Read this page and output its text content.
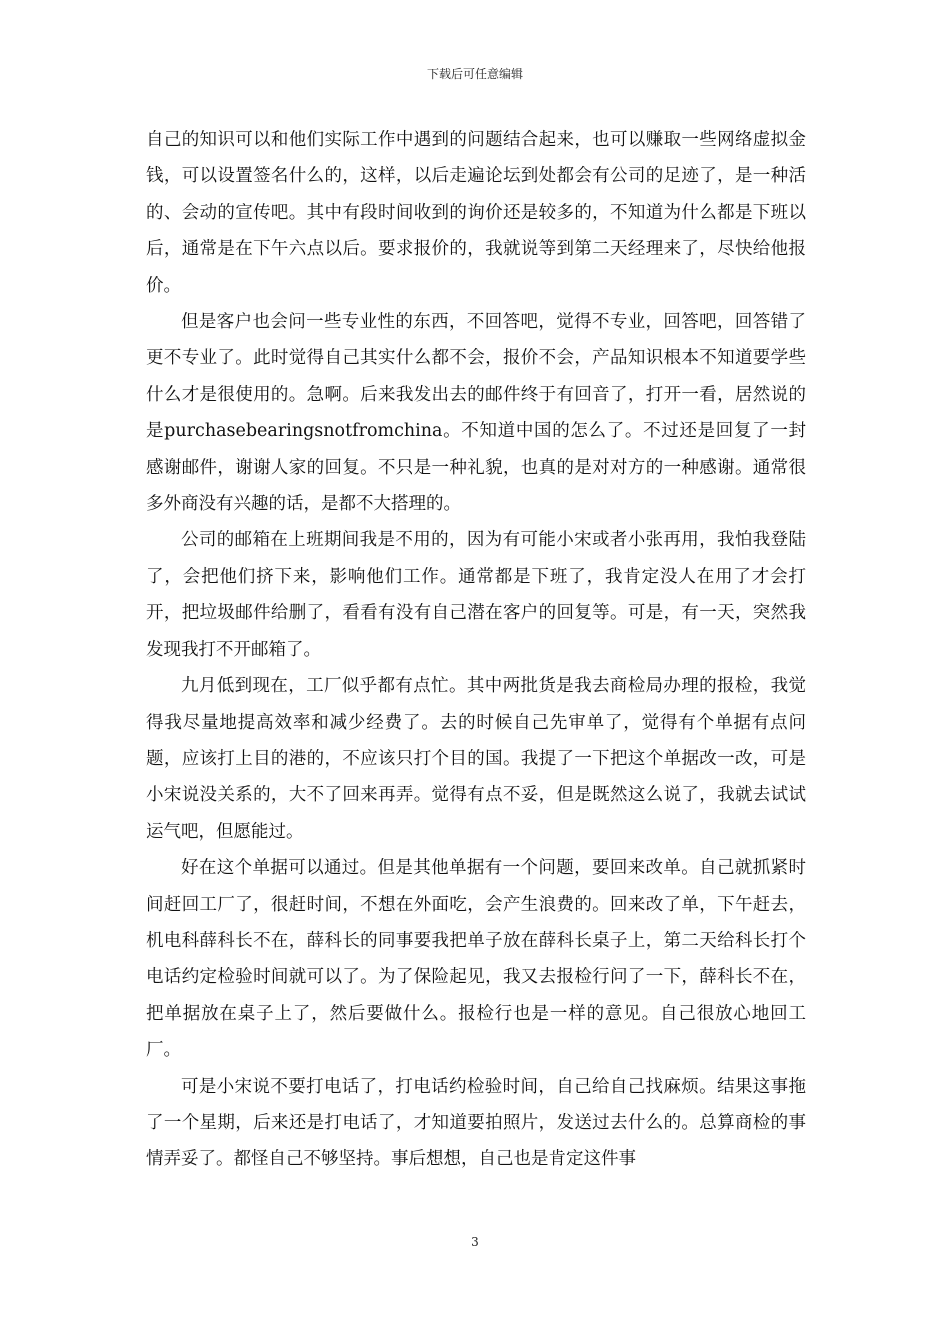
下载后可任意编辑

自己的知识可以和他们实际工作中遇到的问题结合起来，也可以赚取一些网络虚拟金钱，可以设置签名什么的，这样，以后走遍论坛到处都会有公司的足迹了，是一种活的、会动的宣传吧。其中有段时间收到的询价还是较多的，不知道为什么都是下班以后，通常是在下午六点以后。要求报价的，我就说等到第二天经理来了，尽快给他报价。

但是客户也会问一些专业性的东西，不回答吧，觉得不专业，回答吧，回答错了更不专业了。此时觉得自己其实什么都不会，报价不会，产品知识根本不知道要学些什么才是很使用的。急啊。后来我发出去的邮件终于有回音了，打开一看，居然说的是purchasebearingsnotfromchina。不知道中国的怎么了。不过还是回复了一封感谢邮件，谢谢人家的回复。不只是一种礼貌，也真的是对对方的一种感谢。通常很多外商没有兴趣的话，是都不大搭理的。

公司的邮箱在上班期间我是不用的，因为有可能小宋或者小张再用，我怕我登陆了，会把他们挤下来，影响他们工作。通常都是下班了，我肯定没人在用了才会打开，把垃圾邮件给删了，看看有没有自己潜在客户的回复等。可是，有一天，突然我发现我打不开邮箱了。

九月低到现在，工厂似乎都有点忙。其中两批货是我去商检局办理的报检，我觉得我尽量地提高效率和减少经费了。去的时候自己先审单了，觉得有个单据有点问题，应该打上目的港的，不应该只打个目的国。我提了一下把这个单据改一改，可是小宋说没关系的，大不了回来再弄。觉得有点不妥，但是既然这么说了，我就去试试运气吧，但愿能过。

好在这个单据可以通过。但是其他单据有一个问题，要回来改单。自己就抓紧时间赶回工厂了，很赶时间，不想在外面吃，会产生浪费的。回来改了单，下午赶去，机电科薛科长不在，薛科长的同事要我把单子放在薛科长桌子上，第二天给科长打个电话约定检验时间就可以了。为了保险起见，我又去报检行问了一下，薛科长不在，把单据放在桌子上了，然后要做什么。报检行也是一样的意见。自己很放心地回工厂。

可是小宋说不要打电话了，打电话约检验时间，自己给自己找麻烦。结果这事拖了一个星期，后来还是打电话了，才知道要拍照片，发送过去什么的。总算商检的事情弄妥了。都怪自己不够坚持。事后想想，自己也是肯定这件事

3
